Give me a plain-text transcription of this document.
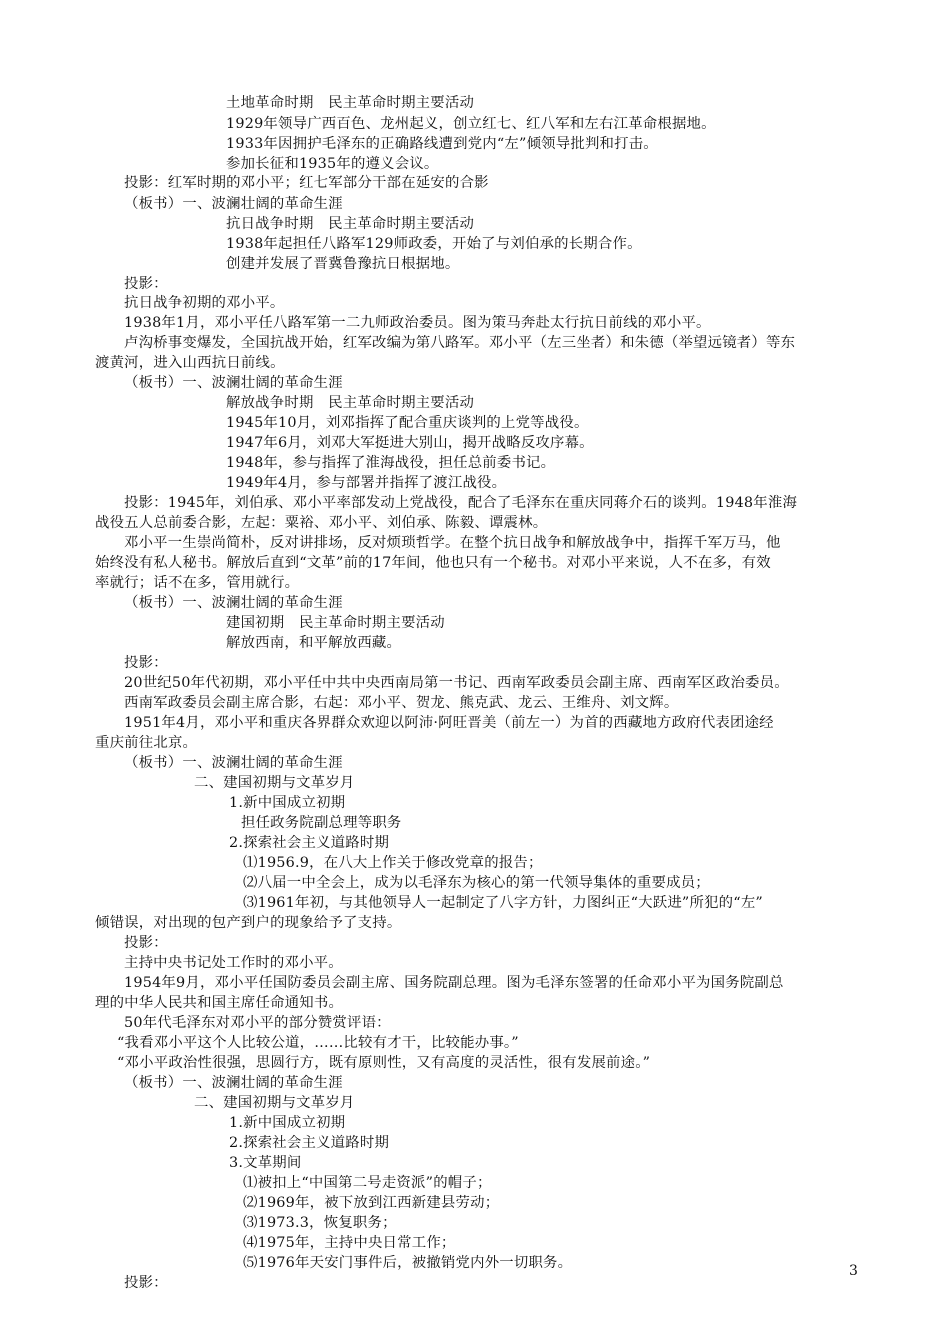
土地革命时期　民主革命时期主要活动
1929年领导广西百色、龙州起义，创立红七、红八军和左右江革命根据地。
1933年因拥护毛泽东的正确路线遭到党内“左”倾领导批判和打击。
参加长征和1935年的遵义会议。
投影：红军时期的邓小平；红七军部分干部在延安的合影
（板书）一、波澜壮阔的革命生涯
抗日战争时期　民主革命时期主要活动
1938年起担任八路军129师政委，开始了与刘伯承的长期合作。
创建并发展了晋冀鲁豫抗日根据地。
投影：
抗日战争初期的邓小平。
1938年1月，邓小平任八路军第一二九师政治委员。图为策马奔赴太行抗日前线的邓小平。
卢沟桥事变爆发，全国抗战开始，红军改编为第八路军。邓小平（左三坐者）和朱德（举望远镜者）等东
渡黄河，进入山西抗日前线。
（板书）一、波澜壮阔的革命生涯
解放战争时期　民主革命时期主要活动
1945年10月，刘邓指挥了配合重庆谈判的上党等战役。
1947年6月，刘邓大军挺进大别山，揭开战略反攻序幕。
1948年，参与指挥了淮海战役，担任总前委书记。
1949年4月，参与部署并指挥了渡江战役。
投影：1945年，刘伯承、邓小平率部发动上党战役，配合了毛泽东在重庆同蒋介石的谈判。1948年淮海
战役五人总前委合影，左起：粟裕、邓小平、刘伯承、陈毅、谭震林。
邓小平一生崇尚简朴，反对讲排场，反对烦琐哲学。在整个抗日战争和解放战争中，指挥千军万马，他
始终没有私人秘书。解放后直到“文革”前的17年间，他也只有一个秘书。对邓小平来说，人不在多，有效
率就行；话不在多，管用就行。
（板书）一、波澜壮阔的革命生涯
建国初期　民主革命时期主要活动
解放西南，和平解放西藏。
投影：
20世纪50年代初期，邓小平任中共中央西南局第一书记、西南军政委员会副主席、西南军区政治委员。
西南军政委员会副主席合影，右起：邓小平、贺龙、熊克武、龙云、王维舟、刘文辉。
1951年4月，邓小平和重庆各界群众欢迎以阿沛·阿旺晋美（前左一）为首的西藏地方政府代表团途经
重庆前往北京。
（板书）一、波澜壮阔的革命生涯
二、建国初期与文革岁月
1.新中国成立初期
担任政务院副总理等职务
2.探索社会主义道路时期
⑴1956.9，在八大上作关于修改党章的报告；
⑵八届一中全会上，成为以毛泽东为核心的第一代领导集体的重要成员；
⑶1961年初，与其他领导人一起制定了八字方针，力图纠正“大跃进”所犯的“左”
倾错误，对出现的包产到户的现象给予了支持。
投影：
主持中央书记处工作时的邓小平。
1954年9月，邓小平任国防委员会副主席、国务院副总理。图为毛泽东签署的任命邓小平为国务院副总
理的中华人民共和国主席任命通知书。
50年代毛泽东对邓小平的部分赞赏评语：
“我看邓小平这个人比较公道，……比较有才干，比较能办事。”
“邓小平政治性很强，思圆行方，既有原则性，又有高度的灵活性，很有发展前途。”
（板书）一、波澜壮阔的革命生涯
二、建国初期与文革岁月
1.新中国成立初期
2.探索社会主义道路时期
3.文革期间
⑴被扣上“中国第二号走资派”的帽子；
⑵1969年，被下放到江西新建县劳动；
⑶1973.3，恢复职务；
⑷1975年，主持中央日常工作；
⑸1976年天安门事件后，被撤销党内外一切职务。
投影：
3
